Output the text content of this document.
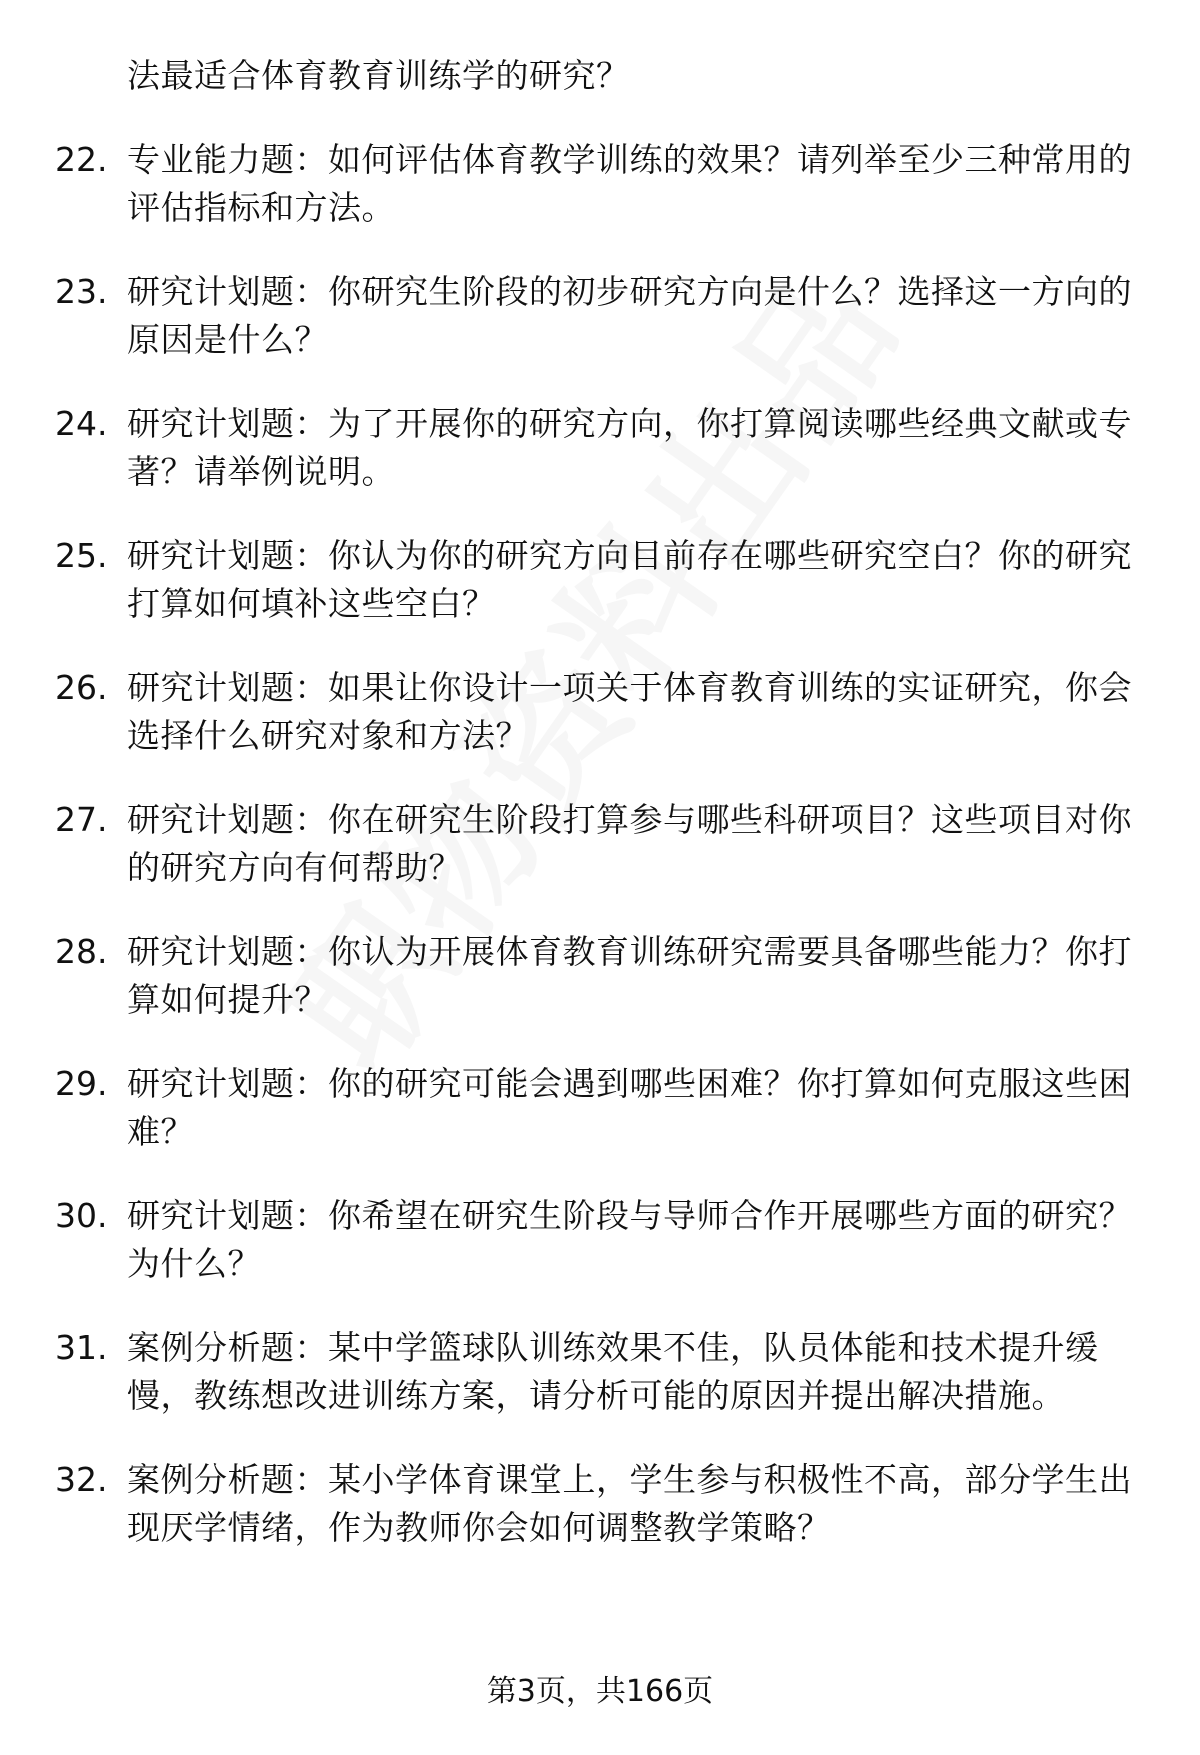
法最适合体育教育训练学的研究？
22. 专业能力题：如何评估体育教学训练的效果？请列举至少三种常用的评估指标和方法。
23. 研究计划题：你研究生阶段的初步研究方向是什么？选择这一方向的原因是什么？
24. 研究计划题：为了开展你的研究方向，你打算阅读哪些经典文献或专著？请举例说明。
25. 研究计划题：你认为你的研究方向目前存在哪些研究空白？你的研究打算如何填补这些空白？
26. 研究计划题：如果让你设计一项关于体育教育训练的实证研究，你会选择什么研究对象和方法？
27. 研究计划题：你在研究生阶段打算参与哪些科研项目？这些项目对你的研究方向有何帮助？
28. 研究计划题：你认为开展体育教育训练研究需要具备哪些能力？你打算如何提升？
29. 研究计划题：你的研究可能会遇到哪些困难？你打算如何克服这些困难？
30. 研究计划题：你希望在研究生阶段与导师合作开展哪些方面的研究？为什么？
31. 案例分析题：某中学篮球队训练效果不佳，队员体能和技术提升缓慢，教练想改进训练方案，请分析可能的原因并提出解决措施。
32. 案例分析题：某小学体育课堂上，学生参与积极性不高，部分学生出现厌学情绪，作为教师你会如何调整教学策略？
第3页，共166页
